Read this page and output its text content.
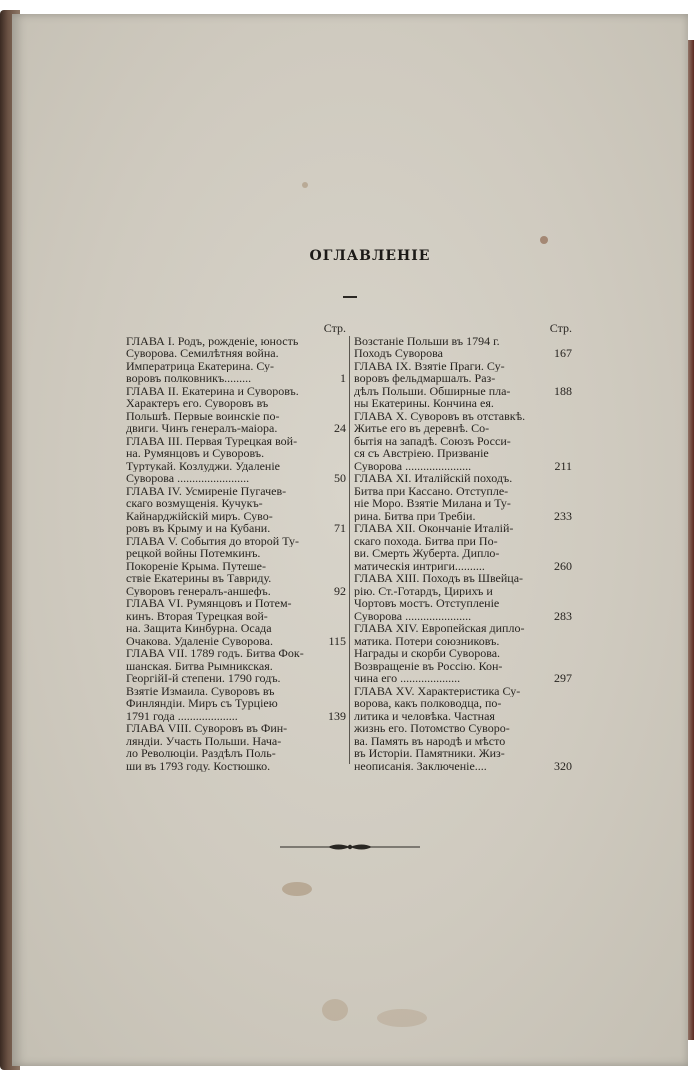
ОГЛАВЛЕНІЕ
Стр.
ГЛАВА I. Родъ, рожденіе, юность
Суворова. Семилѣтняя война.
Императрица Екатерина. Су-
воровъ полковникъ.........	1
ГЛАВА II. Екатерина и Суворовъ.
Характеръ его. Суворовъ въ
Польшѣ. Первые воинскіе по-
двиги. Чинъ генералъ-маіора.	24
ГЛАВА III. Первая Турецкая вой-
на. Румянцовъ и Суворовъ.
Туртукай. Козлуджи. Удаленіе
Суворова ........................	50
ГЛАВА IV. Усмиреніе Пугачев-
скаго возмущенія. Кучукъ-
Кайнарджійскій миръ. Суво-
ровъ въ Крыму и на Кубани.	71
ГЛАВА V. События до второй Ту-
рецкой войны Потемкинъ.
Покореніе Крыма. Путеше-
ствіе Екатерины въ Тавриду.
Суворовъ генералъ-аншефъ.	92
ГЛАВА VI. Румянцовъ и Потем-
кинъ. Вторая Турецкая вой-
на. Защита Кинбурна. Осада
Очакова. Удаленіе Суворова.	115
ГЛАВА VII. 1789 годъ. Битва Фок-
шанская. Битва Рымникская.
ГеоргійI-й степени. 1790 годъ.
Взятіе Измаила. Суворовъ въ
Финляндіи. Миръ съ Турціею
1791 года ....................	139
ГЛАВА VIII. Суворовъ въ Фин-
ляндіи. Участь Польши. Нача-
ло Революціи. Раздѣлъ Поль-
ши въ 1793 году. Костюшко.
Стр.
Возстаніе Польши въ 1794 г.
Походъ Суворова	167
ГЛАВА IX. Взятіе Праги. Су-
воровъ фельдмаршалъ. Раз-
дѣлъ Польши. Обширные пла-	188
ны Екатерины. Кончина ея.
ГЛАВА X. Суворовъ въ отставкѣ.
Житье его въ деревнѣ. Со-
бытія на западѣ. Союзъ Росси-
ся съ Австріею. Призваніе
Суворова ......................	211
ГЛАВА XI. Италійскій походъ.
Битва при Кассано. Отступле-
ніе Моро. Взятіе Милана и Ту-
рина. Битва при Требіи.	233
ГЛАВА XII. Окончаніе Италій-
скаго похода. Битва при По-
ви. Смерть Жуберта. Дипло-
матическія интриги..........	260
ГЛАВА XIII. Походъ въ Швейца-
рію. Ст.-Готардъ, Цирихъ и
Чортовъ мостъ. Отступленіе
Суворова ......................	283
ГЛАВА XIV. Европейская дипло-
матика. Потери союзниковъ.
Награды и скорби Суворова.
Возвращеніе въ Россію. Кон-
чина его ....................	297
ГЛАВА XV. Характеристика Су-
ворова, какъ полководца, по-
литика и человѣка. Частная
жизнь его. Потомство Суворо-
ва. Память въ народѣ и мѣсто
въ Исторіи. Памятники. Жиз-
неописанія. Заключеніе....	320
